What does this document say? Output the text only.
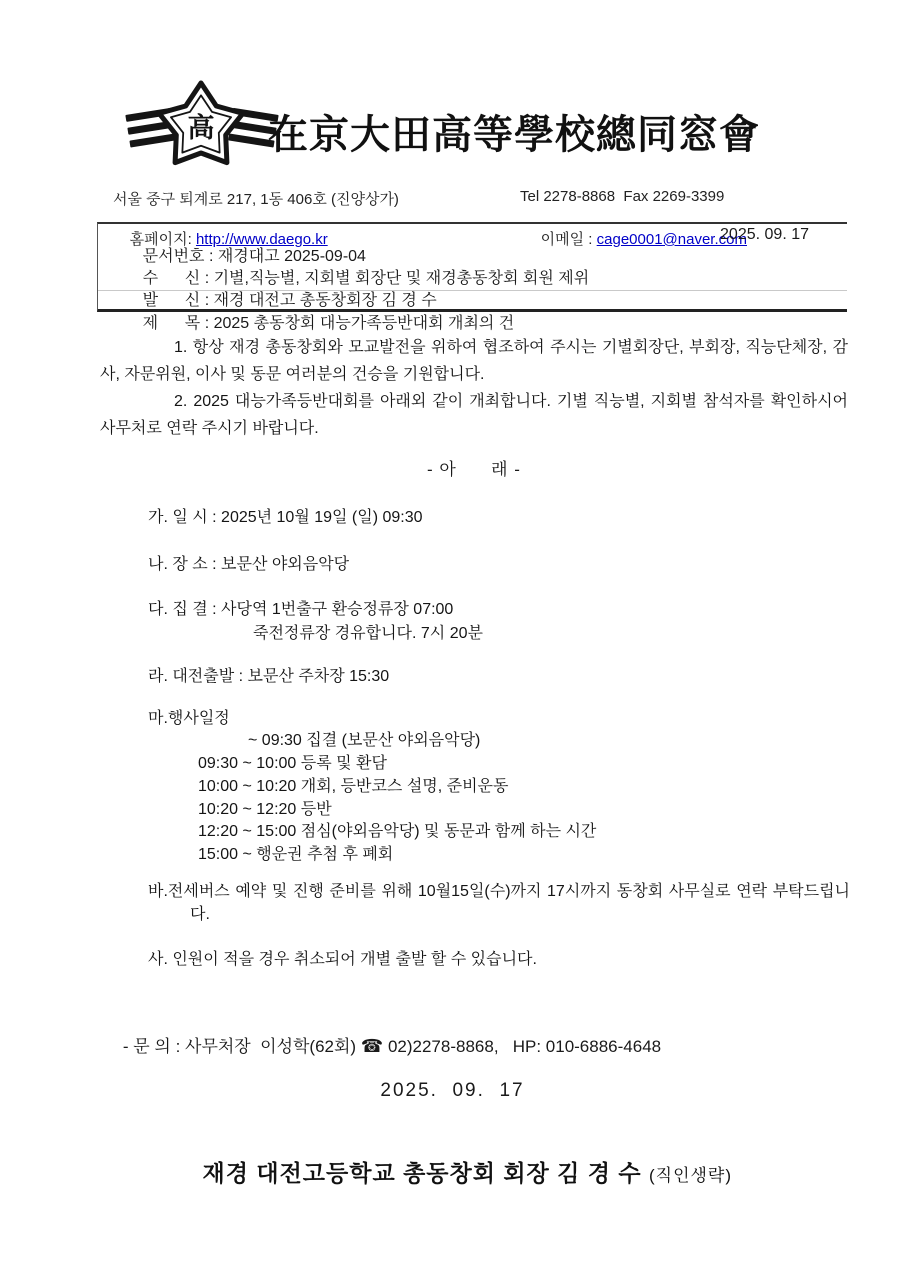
高 在京大田高等學校總同窓會
서울 중구 퇴계로 217, 1동 406호 (진양상가)	Tel 2278-8868  Fax 2269-3399

홈페이지: http://www.daego.kr
	이메일 : cage0001@naver.com

문서번호 : 재경대고 2025-09-04

2025. 09. 17

수      신 : 기별,직능별, 지회별 회장단 및 재경총동창회 회원 제위

발      신 : 재경 대전고 총동창회장 김 경 수

제      목 : 2025 총동창회 대능가족등반대회 개최의 건

1. 항상 재경 총동창회와 모교발전을 위하여 협조하여 주시는 기별회장단, 부회장, 직능단체장, 감사, 자문위원, 이사 및 동문 여러분의 건승을 기원합니다.

2. 2025 대능가족등반대회를 아래외 같이 개최합니다. 기별 직능별, 지회별 참석자를 확인하시어 사무처로 연락 주시기 바랍니다.

- 아      래 -
가. 일 시 : 2025년 10월 19일 (일) 09:30
나. 장 소 : 보문산 야외음악당
다. 집 결 : 사당역 1번출구 환승정류장 07:00
죽전정류장 경유합니다. 7시 20분
라. 대전출발 : 보문산 주차장 15:30
마.행사일정
~ 09:30 집결 (보문산 야외음악당)
09:30 ~ 10:00 등록 및 환담
10:00 ~ 10:20 개회, 등반코스 설명, 준비운동
10:20 ~ 12:20 등반
12:20 ~ 15:00 점심(야외음악당) 및 동문과 함께 하는 시간
15:00 ~ 행운권 추첨 후 폐회
바.전세버스 예약 및 진행 준비를 위해 10월15일(수)까지 17시까지 동창회 사무실로 연락 부탁드립니다.
사. 인원이 적을 경우 취소되어 개별 출발 할 수 있습니다.

- 문 의 : 사무처장  이성학(62회) ☎ 02)2278-8868,   HP: 010-6886-4648

2025.  09.  17

재경 대전고등학교 총동창회 회장 김 경 수 (직인생략)
